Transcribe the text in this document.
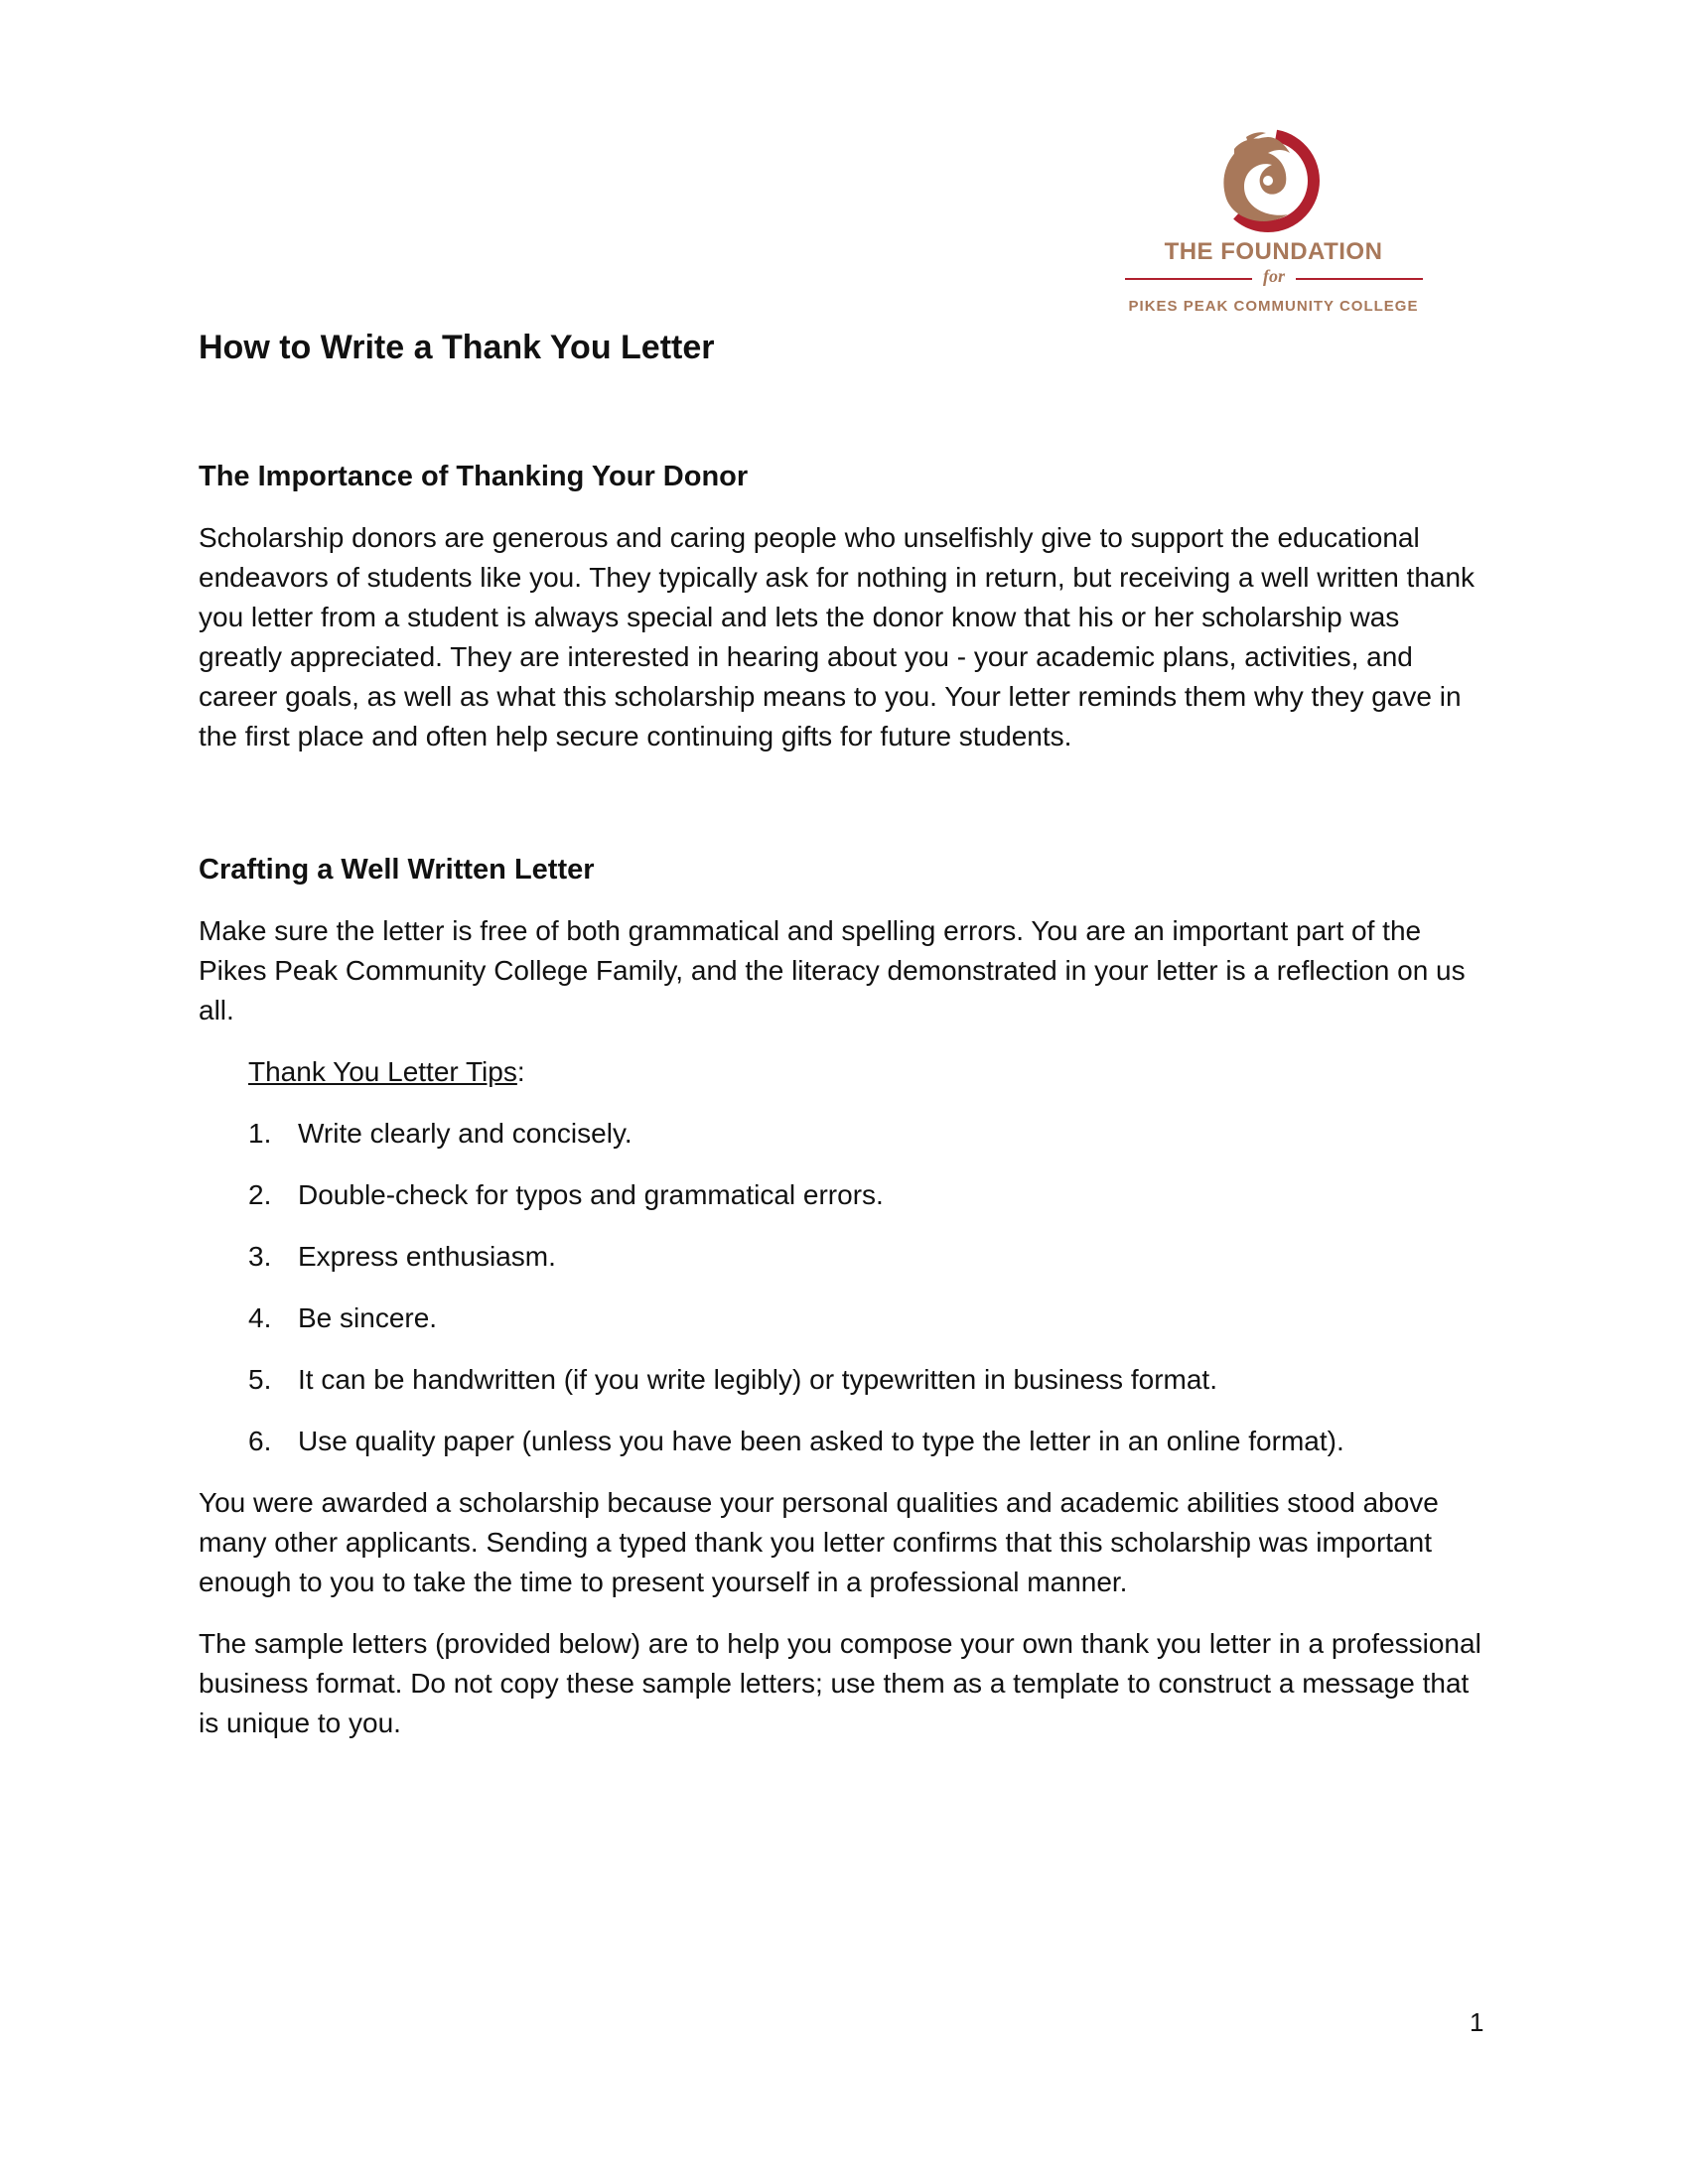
THE FOUNDATION
for
PIKES PEAK COMMUNITY COLLEGE
How to Write a Thank You Letter
The Importance of Thanking Your Donor

Scholarship donors are generous and caring people who unselfishly give to support the educational endeavors of students like you. They typically ask for nothing in return, but receiving a well written thank you letter from a student is always special and lets the donor know that his or her scholarship was greatly appreciated. They are interested in hearing about you - your academic plans, activities, and career goals, as well as what this scholarship means to you. Your letter reminds them why they gave in the first place and often help secure continuing gifts for future students.

Crafting a Well Written Letter

Make sure the letter is free of both grammatical and spelling errors. You are an important part of the Pikes Peak Community College Family, and the literacy demonstrated in your letter is a reflection on us all.

Thank You Letter Tips:

1. Write clearly and concisely.
2. Double-check for typos and grammatical errors.
3. Express enthusiasm.
4. Be sincere.
5. It can be handwritten (if you write legibly) or typewritten in business format.
6. Use quality paper (unless you have been asked to type the letter in an online format).

You were awarded a scholarship because your personal qualities and academic abilities stood above many other applicants. Sending a typed thank you letter confirms that this scholarship was important enough to you to take the time to present yourself in a professional manner.

The sample letters (provided below) are to help you compose your own thank you letter in a professional business format. Do not copy these sample letters; use them as a template to construct a message that is unique to you.

1
